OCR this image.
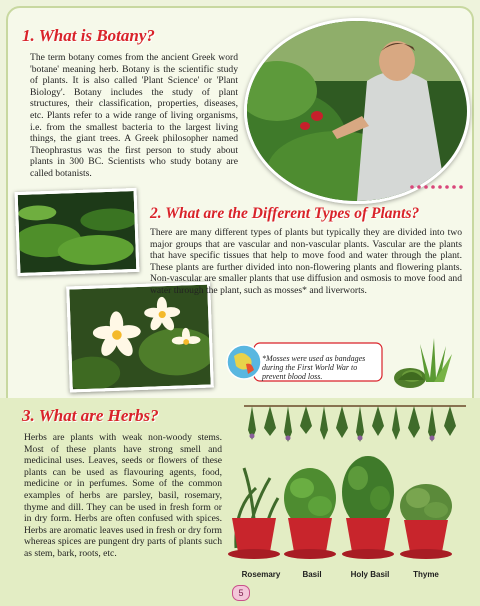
1. What is Botany?

The term botany comes from the ancient Greek word 'botane' meaning herb. Botany is the scientific study of plants. It is also called 'Plant Science' or 'Plant Biology'. Botany includes the study of plant structures, their classification, properties, diseases, etc. Plants refer to a wide range of living organisms, i.e. from the smallest bacteria to the largest living things, the giant trees. A Greek philosopher named Theophrastus was the first person to study about plants in 300 BC. Scientists who study botany are called botanists.

2. What are the Different Types of Plants?

There are many different types of plants but typically they are divided into two major groups that are vascular and non-vascular plants. Vascular are the plants that have specific tissues that help to move food and water through the plant. These plants are further divided into non-flowering plants and flowering plants. Non-vascular are smaller plants that use diffusion and osmosis to move food and water through the plant, such as mosses* and liverworts.

*Mosses were used as bandages during the First World War to prevent blood loss.

3. What are Herbs?

Herbs are plants with weak non-woody stems. Most of these plants have strong smell and medicinal uses. Leaves, seeds or flowers of these plants can be used as flavouring agents, food, medicine or in perfumes. Some of the common examples of herbs are parsley, basil, rosemary, thyme and dill. They can be used in fresh form or in dry form. Herbs are often confused with spices. Herbs are aromatic leaves used in fresh or dry form whereas spices are pungent dry parts of plants such as stem, bark, roots, etc.

Rosemary	Basil	Holy Basil	Thyme
5
